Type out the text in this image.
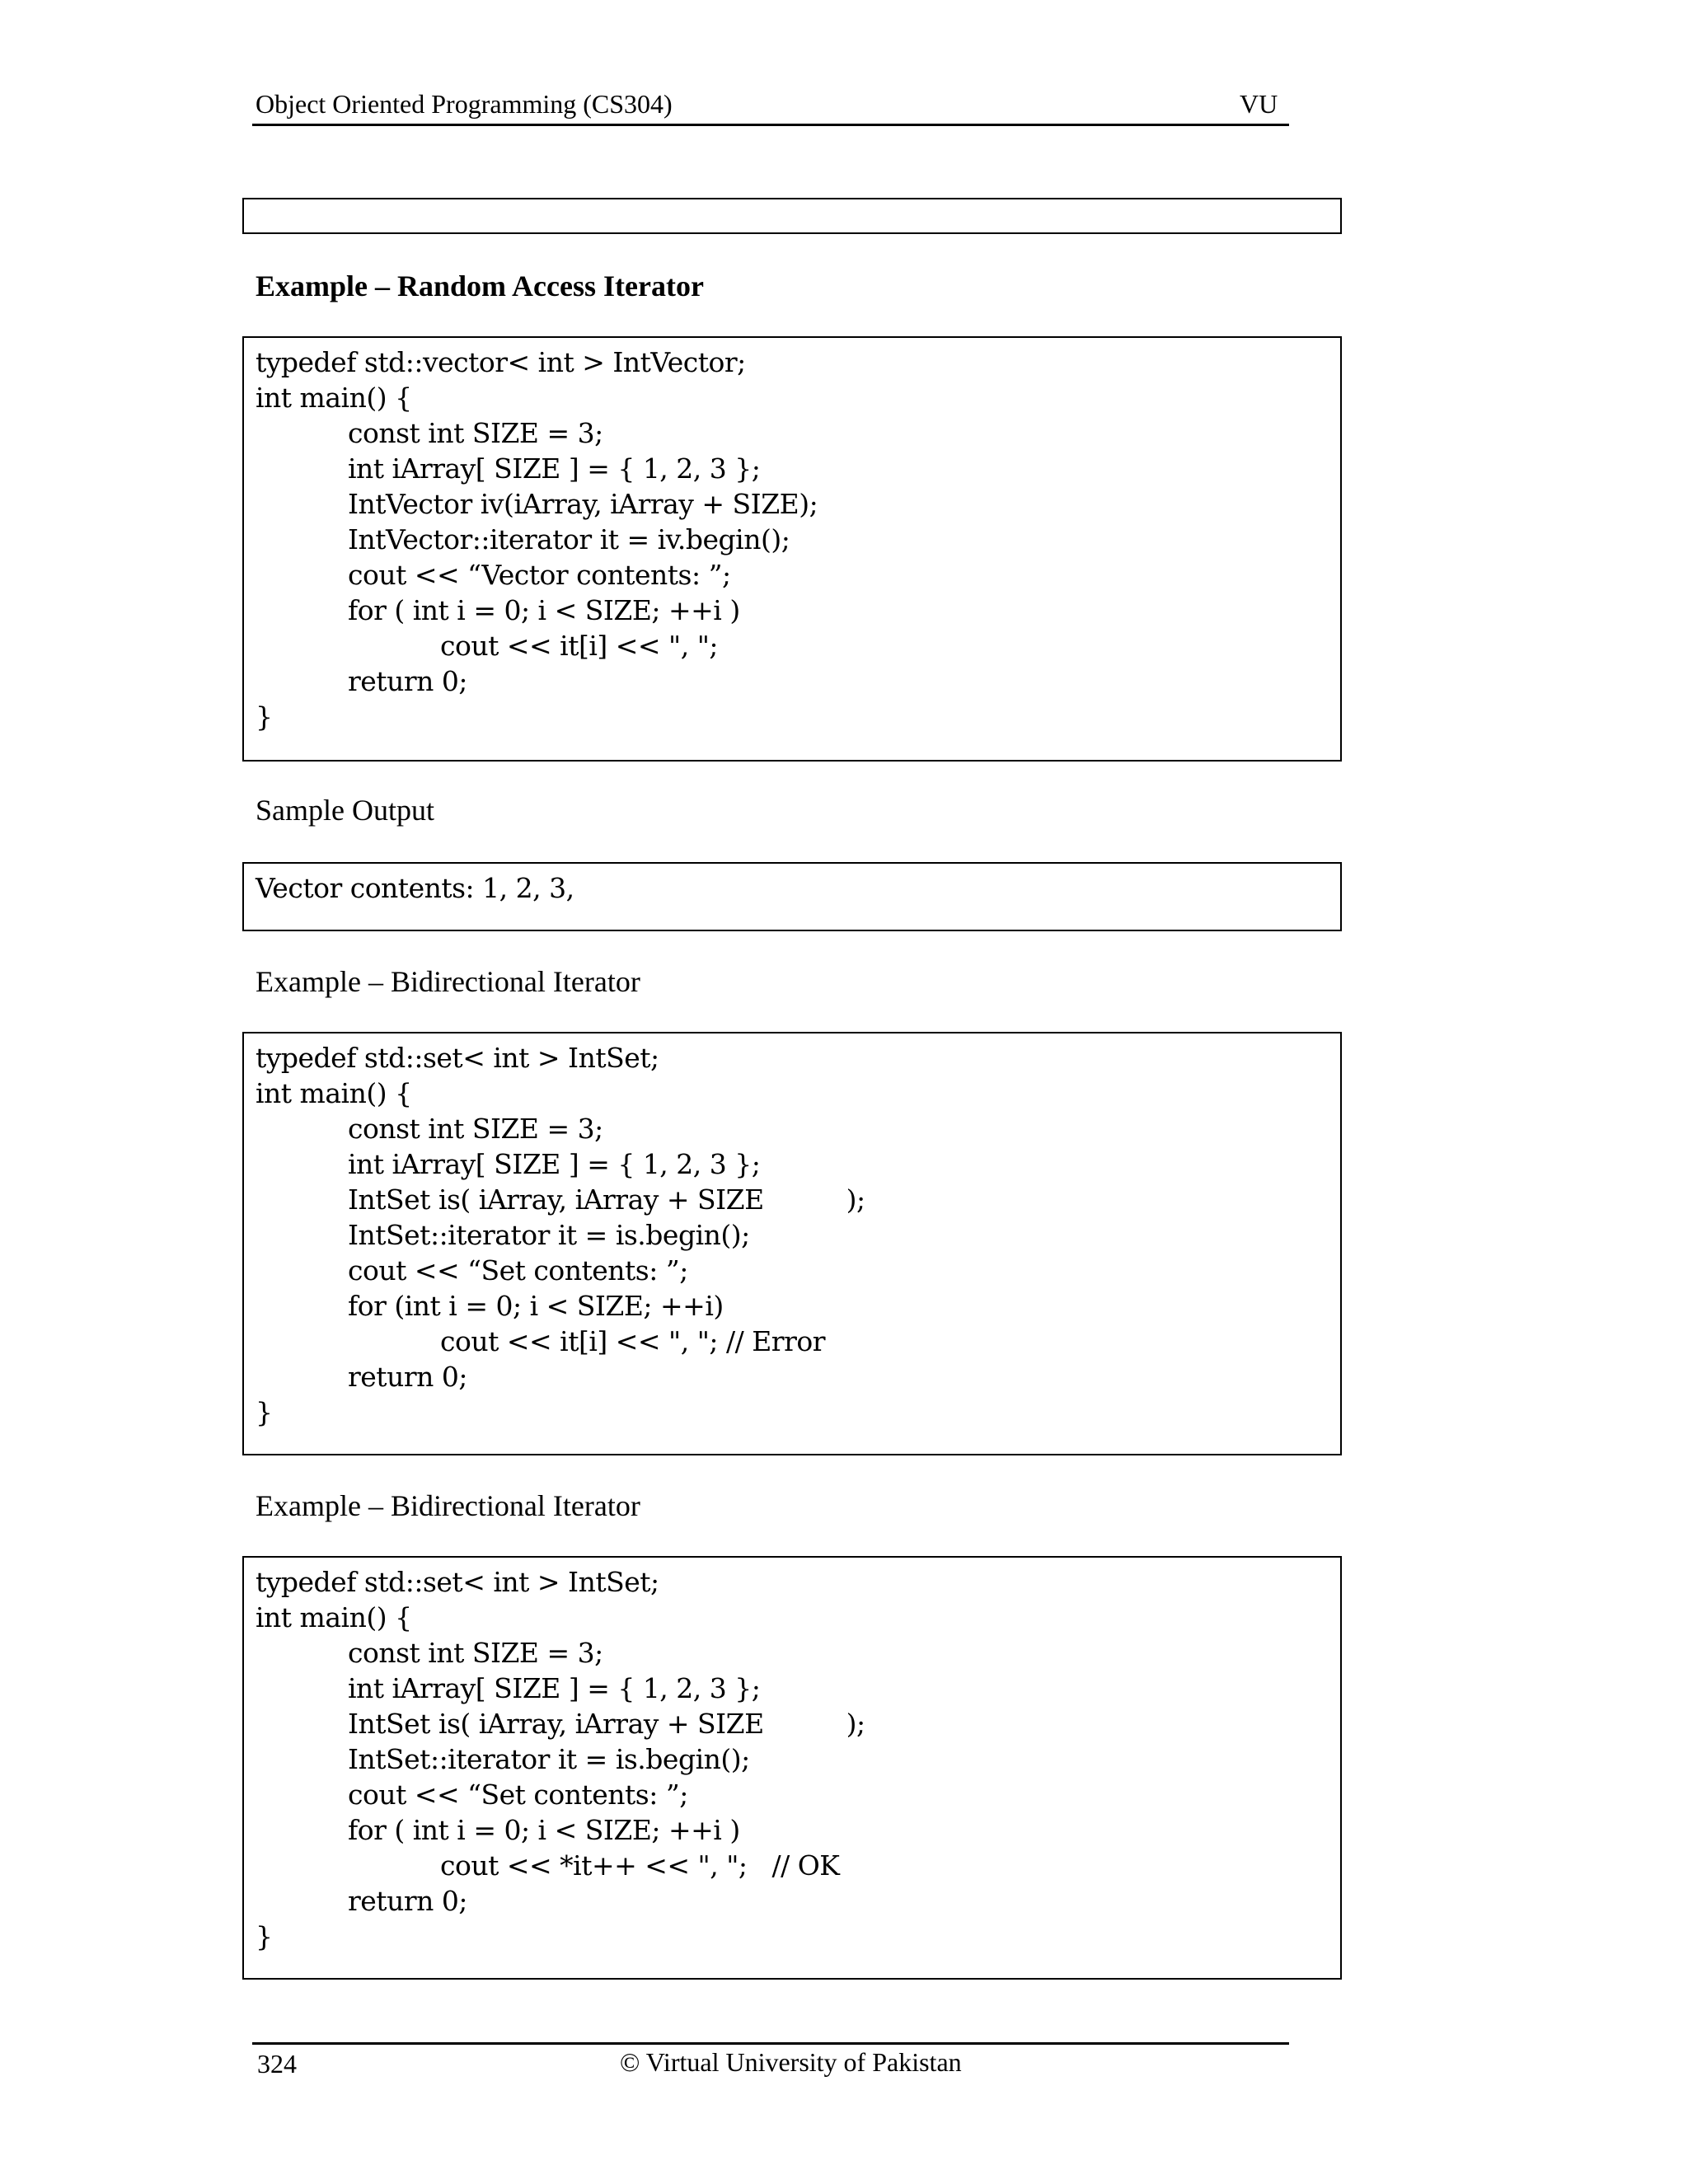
Object Oriented Programming (CS304)	VU
Example – Random Access Iterator
typedef std::vector< int > IntVector;
int main() {
const int SIZE = 3;
int iArray[ SIZE ] = { 1, 2, 3 };
IntVector iv(iArray, iArray + SIZE);
IntVector::iterator it = iv.begin();
cout << “Vector contents: ”;
for ( int i = 0; i < SIZE; ++i )
cout << it[i] << ", ";
return 0;
}
Sample Output
Vector contents: 1, 2, 3,
Example – Bidirectional Iterator
typedef std::set< int > IntSet;
int main() {
const int SIZE = 3;
int iArray[ SIZE ] = { 1, 2, 3 };
IntSet is( iArray, iArray + SIZE          );
IntSet::iterator it = is.begin();
cout << “Set contents: ”;
for (int i = 0; i < SIZE; ++i)
cout << it[i] << ", "; // Error
return 0;
}
Example – Bidirectional Iterator
typedef std::set< int > IntSet;
int main() {
const int SIZE = 3;
int iArray[ SIZE ] = { 1, 2, 3 };
IntSet is( iArray, iArray + SIZE          );
IntSet::iterator it = is.begin();
cout << “Set contents: ”;
for ( int i = 0; i < SIZE; ++i )
cout << *it++ << ", ";   // OK
return 0;
}
324	© Virtual University of Pakistan
